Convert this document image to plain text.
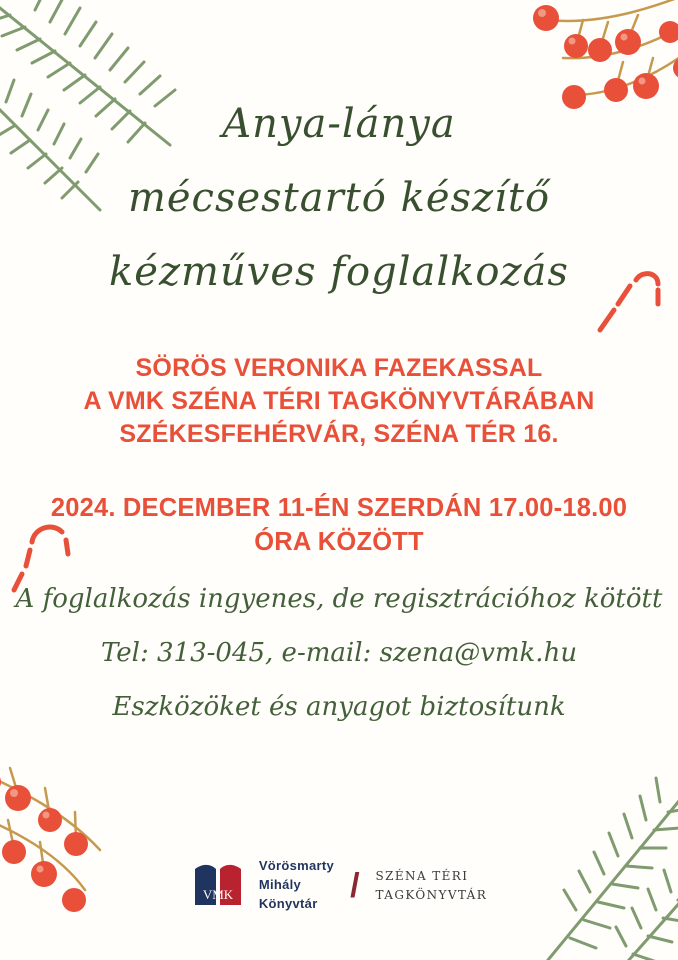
Anya-lánya
mécsestartó készítő
kézműves foglalkozás
SÖRÖS VERONIKA FAZEKASSAL
A VMK SZÉNA TÉRI TAGKÖNYVTÁRÁBAN
SZÉKESFEHÉRVÁR, SZÉNA TÉR 16.
2024. DECEMBER 11-ÉN SZERDÁN 17.00-18.00
ÓRA KÖZÖTT
A foglalkozás ingyenes, de regisztrációhoz kötött
Tel: 313-045, e-mail: szena@vmk.hu
Eszközöket és anyagot biztosítunk
VMK
Vörösmarty
Mihály
Könyvtár / SZÉNA TÉRI
TAGKÖNYVTÁR
